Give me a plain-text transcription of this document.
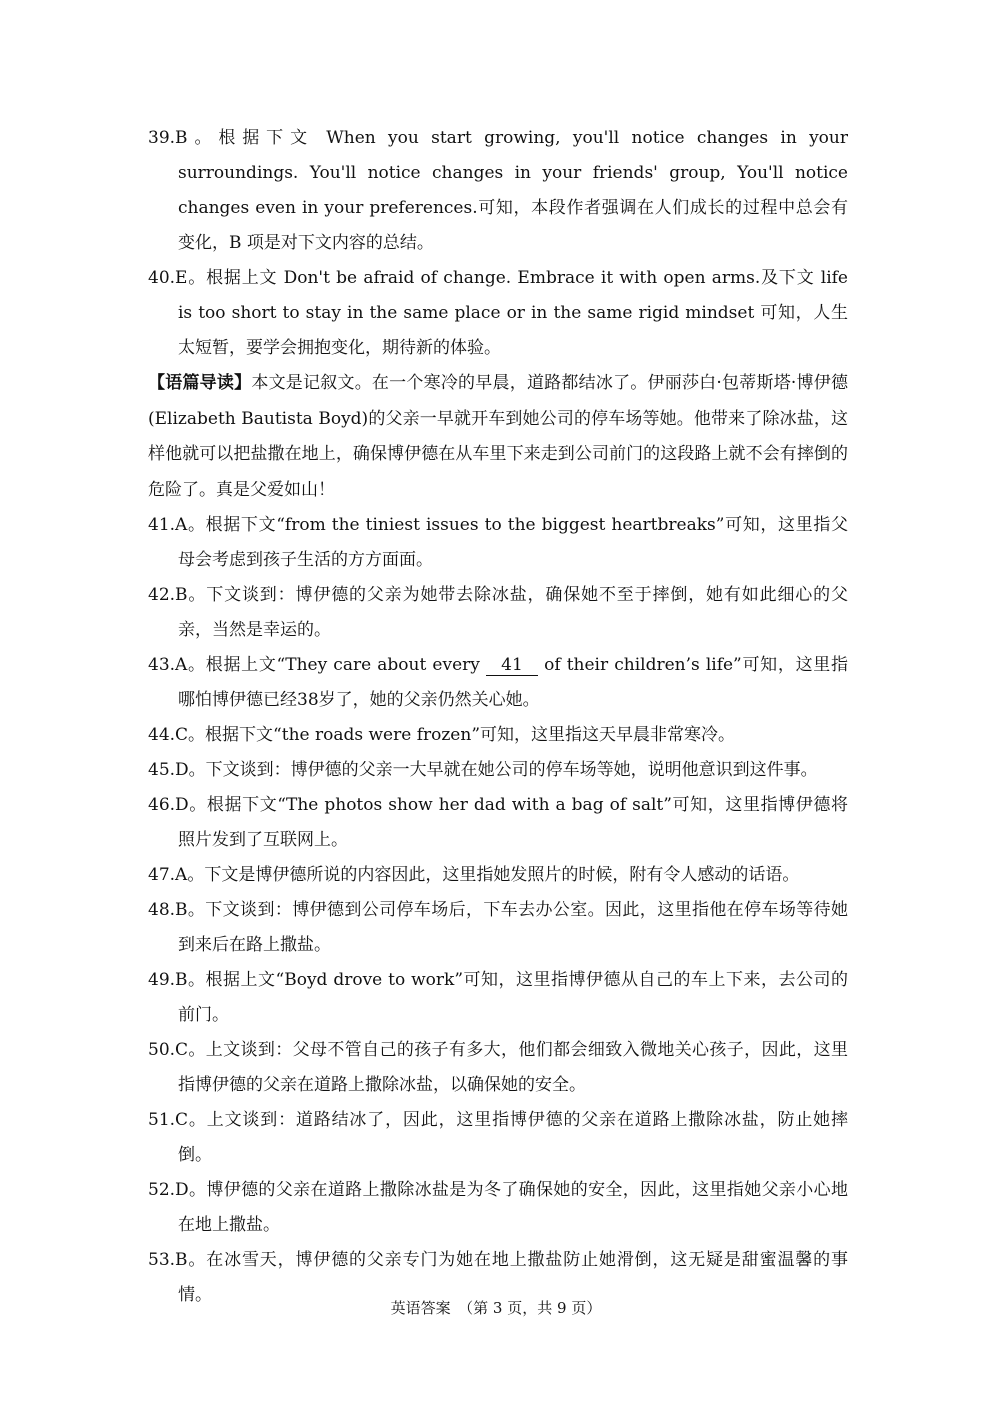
39.B。根据下文 When you start growing, you'll notice changes in your surroundings. You'll notice changes in your friends' group, You'll notice changes even in your preferences.可知，本段作者强调在人们成长的过程中总会有变化，B 项是对下文内容的总结。
40.E。根据上文 Don't be afraid of change. Embrace it with open arms.及下文 life is too short to stay in the same place or in the same rigid mindset 可知，人生太短暂，要学会拥抱变化，期待新的体验。

【语篇导读】本文是记叙文。在一个寒冷的早晨，道路都结冰了。伊丽莎白·包蒂斯塔·博伊德(Elizabeth Bautista Boyd)的父亲一早就开车到她公司的停车场等她。他带来了除冰盐，这样他就可以把盐撒在地上，确保博伊德在从车里下来走到公司前门的这段路上就不会有摔倒的危险了。真是父爱如山！

41.A。根据下文“from the tiniest issues to the biggest heartbreaks”可知，这里指父母会考虑到孩子生活的方方面面。
42.B。下文谈到：博伊德的父亲为她带去除冰盐，确保她不至于摔倒，她有如此细心的父亲，当然是幸运的。
43.A。根据上文“They care about every 41 of their children’s life”可知，这里指哪怕博伊德已经38岁了，她的父亲仍然关心她。
44.C。根据下文“the roads were frozen”可知，这里指这天早晨非常寒冷。
45.D。下文谈到：博伊德的父亲一大早就在她公司的停车场等她，说明他意识到这件事。
46.D。根据下文“The photos show her dad with a bag of salt”可知，这里指博伊德将照片发到了互联网上。
47.A。下文是博伊德所说的内容因此，这里指她发照片的时候，附有令人感动的话语。
48.B。下文谈到：博伊德到公司停车场后，下车去办公室。因此，这里指他在停车场等待她到来后在路上撒盐。
49.B。根据上文“Boyd drove to work”可知，这里指博伊德从自己的车上下来，去公司的前门。
50.C。上文谈到：父母不管自己的孩子有多大，他们都会细致入微地关心孩子，因此，这里指博伊德的父亲在道路上撒除冰盐，以确保她的安全。
51.C。上文谈到：道路结冰了，因此，这里指博伊德的父亲在道路上撒除冰盐，防止她摔倒。
52.D。博伊德的父亲在道路上撒除冰盐是为冬了确保她的安全，因此，这里指她父亲小心地在地上撒盐。
53.B。在冰雪天，博伊德的父亲专门为她在地上撒盐防止她滑倒，这无疑是甜蜜温馨的事情。
英语答案　（第 3 页，共 9 页）
